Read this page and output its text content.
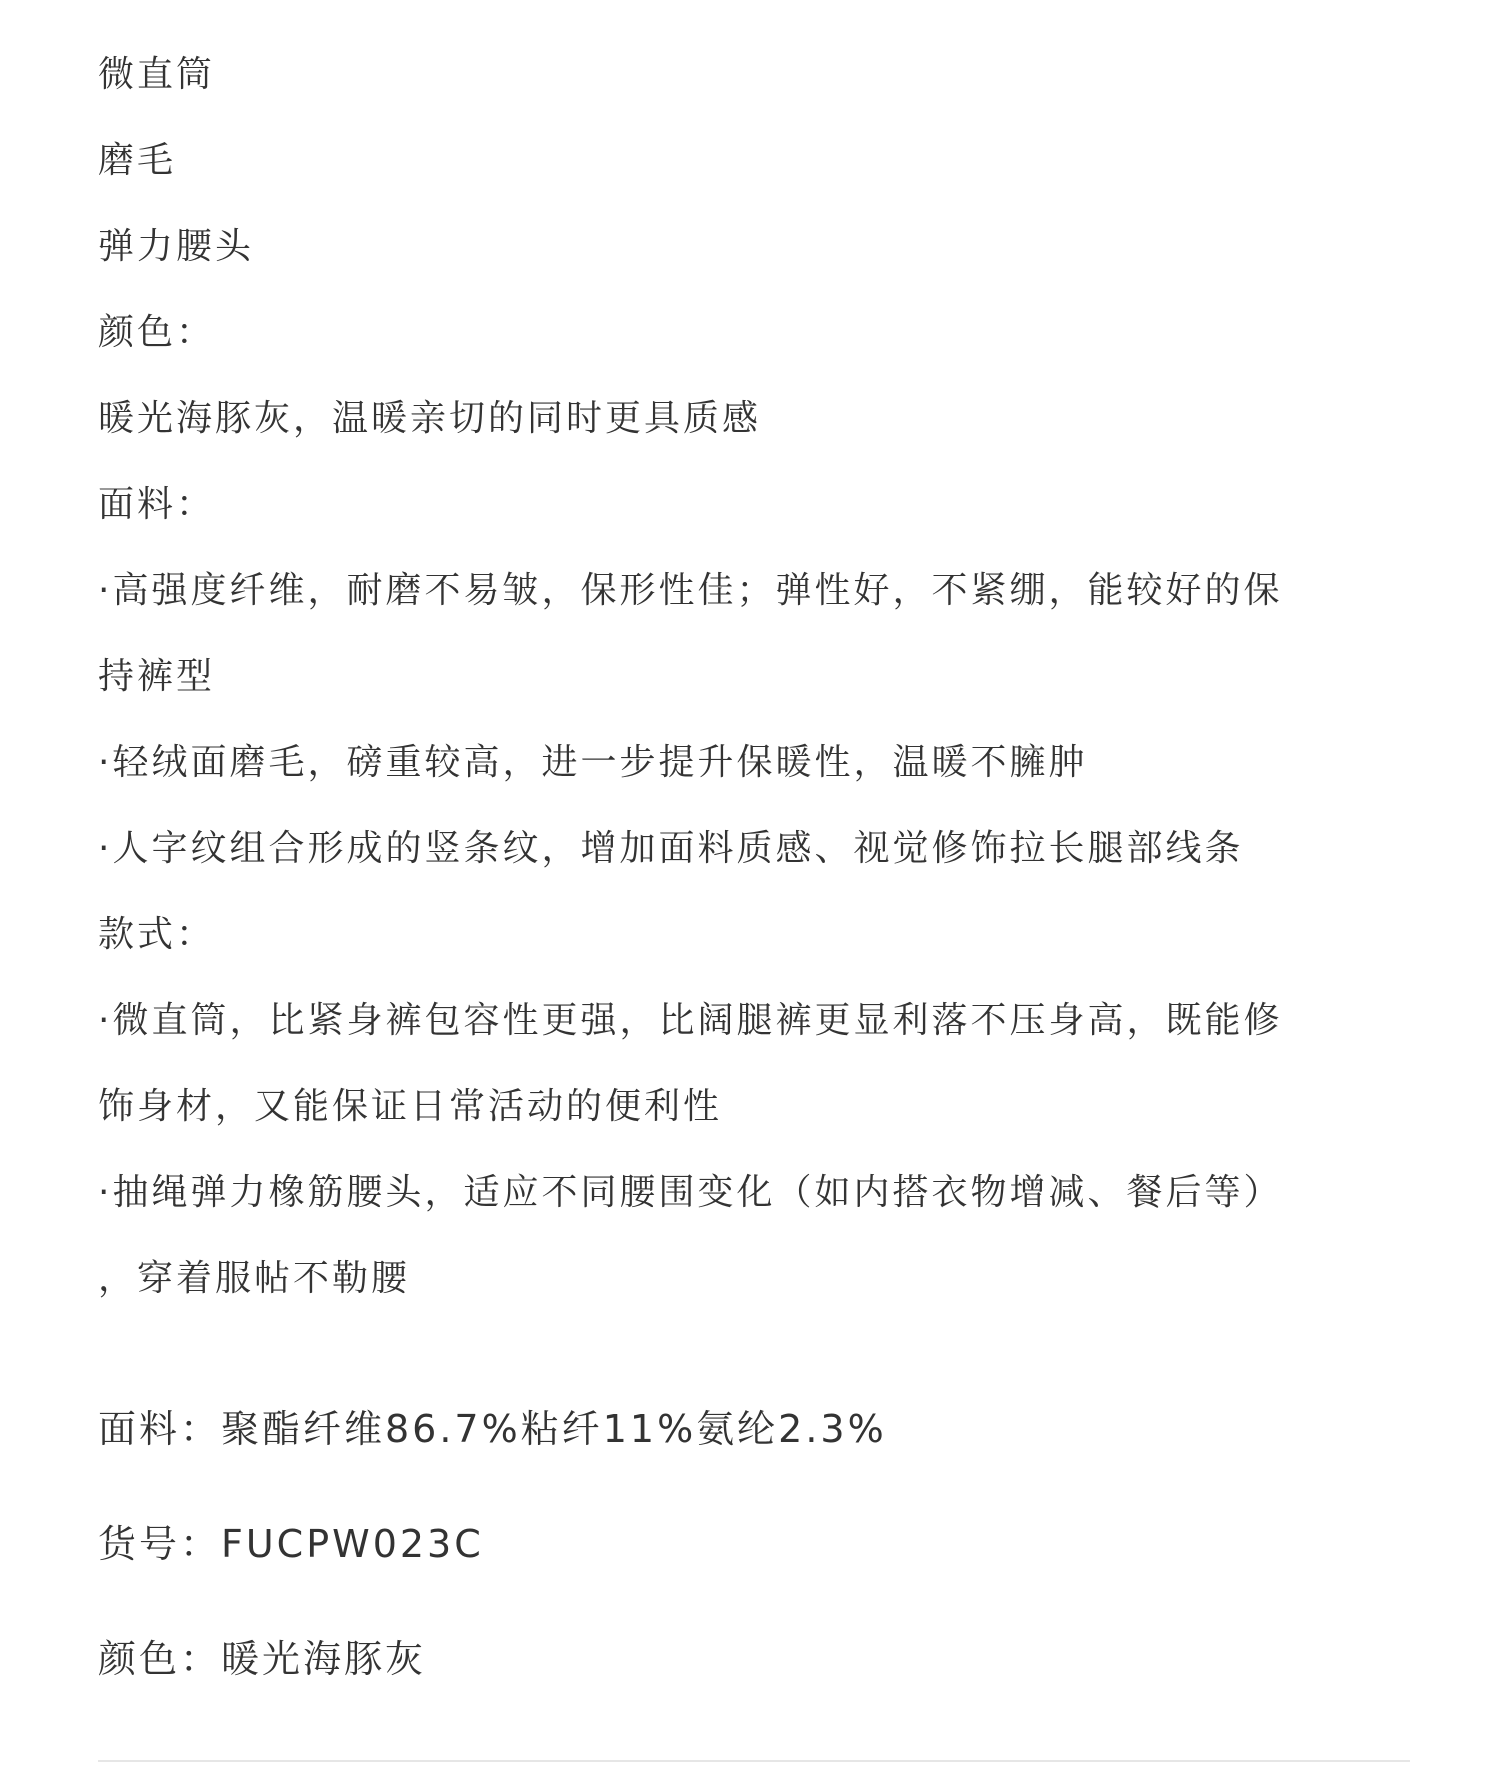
微直筒
磨毛
弹力腰头
颜色：
暖光海豚灰，温暖亲切的同时更具质感
面料：
·高强度纤维，耐磨不易皱，保形性佳；弹性好，不紧绷，能较好的保
持裤型
·轻绒面磨毛，磅重较高，进一步提升保暖性，温暖不臃肿
·人字纹组合形成的竖条纹，增加面料质感、视觉修饰拉长腿部线条
款式：
·微直筒，比紧身裤包容性更强，比阔腿裤更显利落不压身高，既能修
饰身材，又能保证日常活动的便利性
·抽绳弹力橡筋腰头，适应不同腰围变化（如内搭衣物增减、餐后等）
，穿着服帖不勒腰
面料：聚酯纤维86.7%粘纤11%氨纶2.3%
货号：FUCPW023C
颜色：暖光海豚灰
